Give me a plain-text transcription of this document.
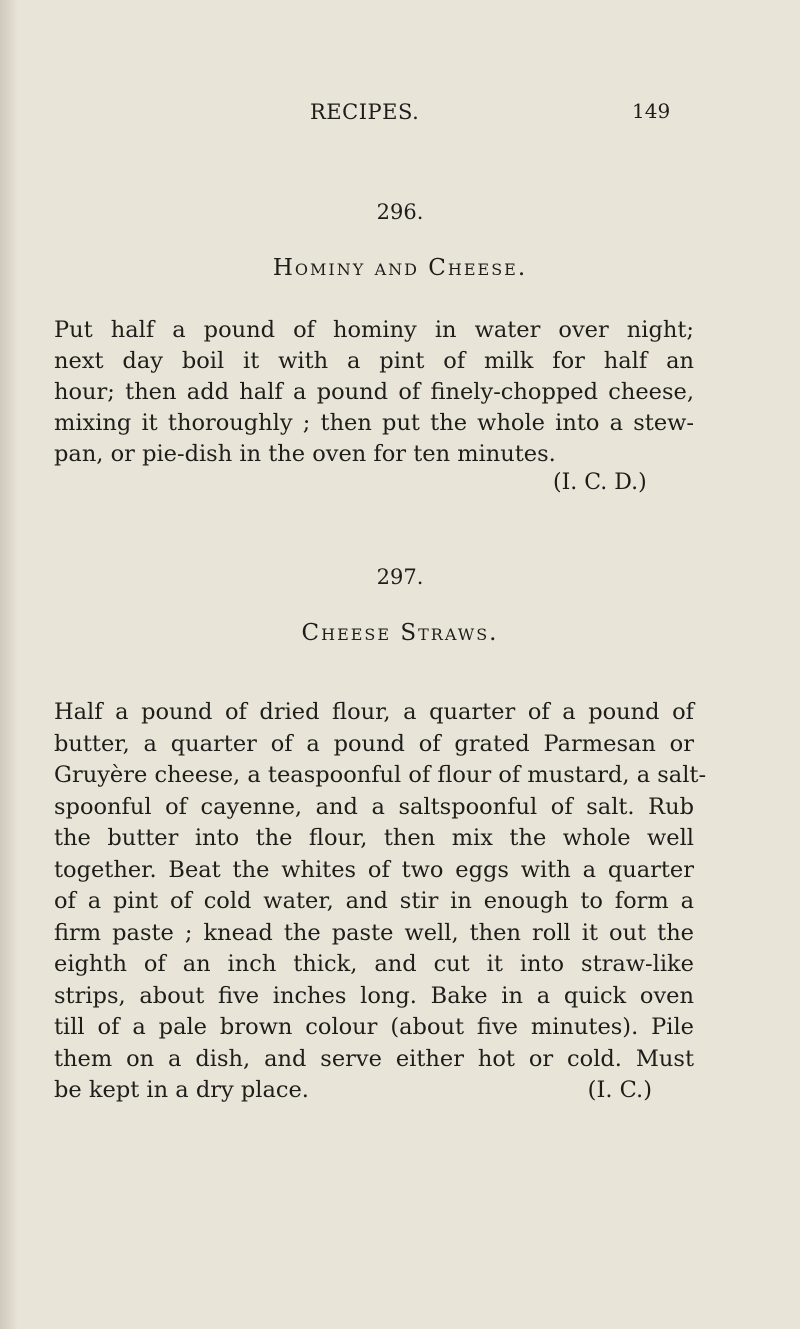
RECIPES.	149
296.
Hominy and Cheese.
Put half a pound of hominy in water over night;
next day boil it with a pint of milk for half an
hour; then add half a pound of finely-chopped cheese,
mixing it thoroughly ; then put the whole into a stew-
pan, or pie-dish in the oven for ten minutes.
(I. C. D.)
297.
Cheese Straws.
Half a pound of dried flour, a quarter of a pound of
butter, a quarter of a pound of grated Parmesan or
Gruyère cheese, a teaspoonful of flour of mustard, a salt-
spoonful of cayenne, and a saltspoonful of salt. Rub
the butter into the flour, then mix the whole well
together. Beat the whites of two eggs with a quarter
of a pint of cold water, and stir in enough to form a
firm paste ; knead the paste well, then roll it out the
eighth of an inch thick, and cut it into straw-like
strips, about five inches long. Bake in a quick oven
till of a pale brown colour (about five minutes). Pile
them on a dish, and serve either hot or cold. Must
be kept in a dry place.	(I. C.)
